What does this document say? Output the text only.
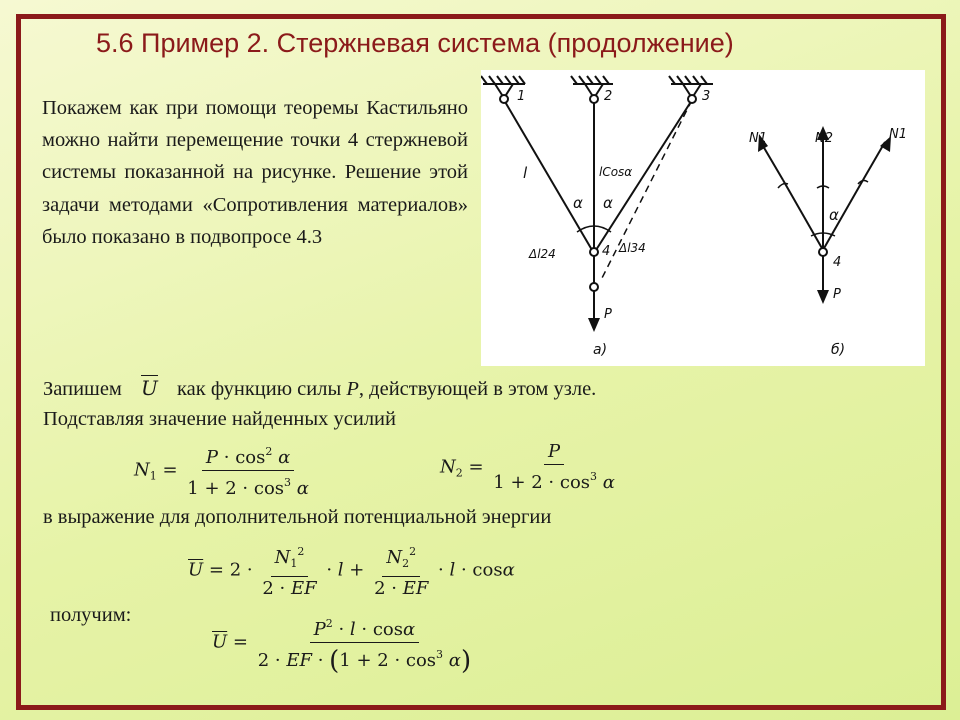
5.6 Пример 2. Стержневая система (продолжение)
Покажем как при помощи теоремы Кастильяно можно найти перемещение точки 4 стержневой системы показанной на рисунке. Решение этой задачи методами «Сопротивления материалов» было показано в подвопросе 4.3
1	2	3
4
l	lCosα
α α
Δl24	Δl34
P
а)
N1	N2	N1
α
4
P
б)
Запишем U как функцию силы P, действующей в этом узле.
Подставляя значение найденных усилий
$N_1 = \frac{P \cdot \cos^2 \alpha}{1 + 2 \cdot \cos^3 \alpha}$	$N_2 = \frac{P}{1 + 2 \cdot \cos^3 \alpha}$
в выражение для дополнительной потенциальной энергии
$\overline{U} = 2 \cdot \frac{N_1^2}{2 \cdot EF} \cdot l + \frac{N_2^2}{2 \cdot EF} \cdot l \cdot \cos\alpha$
получим:
$\overline{U} = \frac{P^2 \cdot l \cdot \cos\alpha}{2 \cdot EF \cdot (1 + 2 \cdot \cos^3 \alpha)}$
